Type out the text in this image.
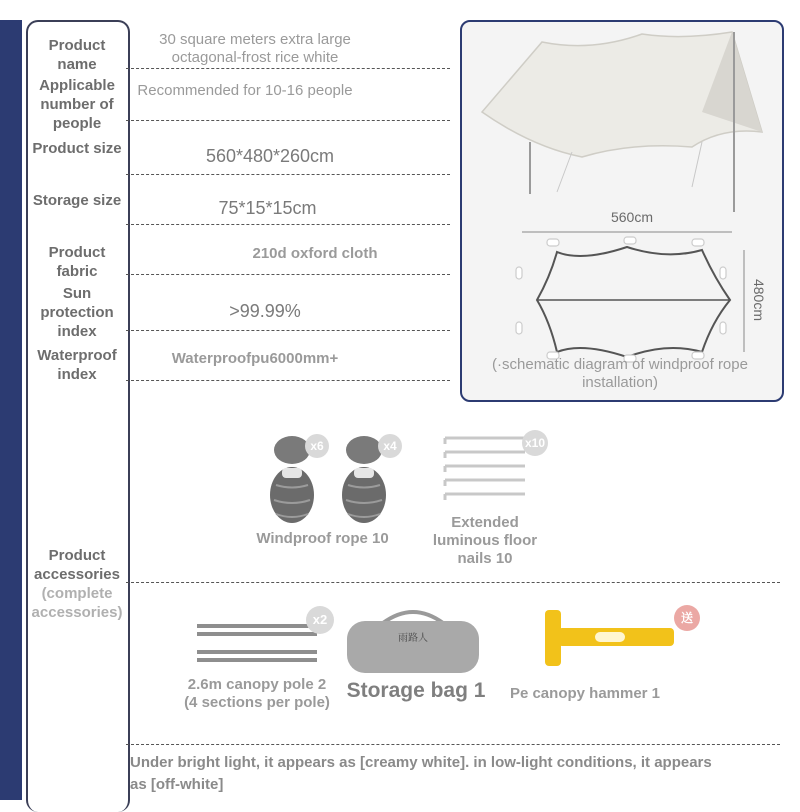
Product name
Applicable number of people
Product size
Storage size
Product fabric
Sun protection index
Waterproof index
Product accessories
(complete accessories)
30 square meters extra large octagonal-frost rice white
Recommended for 10-16 people
560*480*260cm
75*15*15cm
210d oxford cloth
>99.99%
Waterproofpu6000mm+
560cm
480cm
(·schematic diagram of windproof rope installation)
x6	x4
Windproof rope 10
x10
Extended luminous floor nails 10
x2
2.6m canopy pole 2 (4 sections per pole)
雨路人
Storage bag 1
送
Pe canopy hammer 1
Under bright light, it appears as [creamy white]. in low-light conditions, it appears as [off-white]
